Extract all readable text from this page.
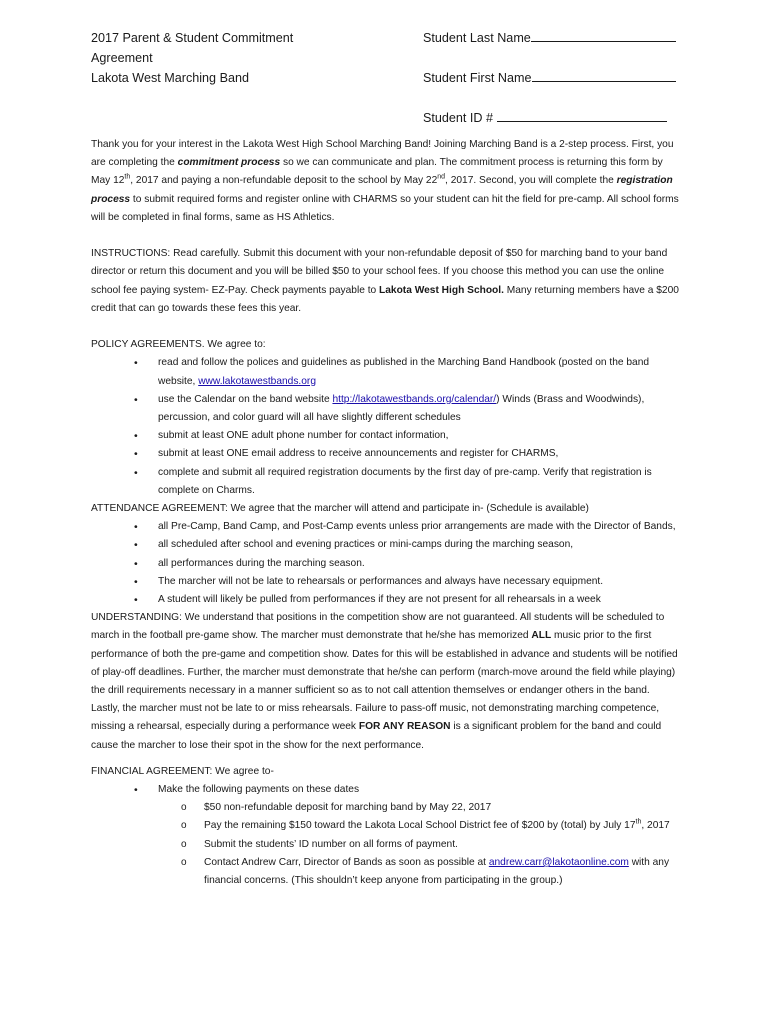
2017 Parent & Student Commitment
Agreement
Lakota West Marching Band
Student Last Name
Student First Name
Student ID #

Thank you for your interest in the Lakota West High School Marching Band! Joining Marching Band is a 2-step process. First, you are completing the commitment process so we can communicate and plan. The commitment process is returning this form by May 12th, 2017 and paying a non-refundable deposit to the school by May 22nd, 2017. Second, you will complete the registration process to submit required forms and register online with CHARMS so your student can hit the field for pre-camp. All school forms will be completed in final forms, same as HS Athletics.

INSTRUCTIONS: Read carefully. Submit this document with your non-refundable deposit of $50 for marching band to your band director or return this document and you will be billed $50 to your school fees. If you choose this method you can use the online school fee paying system- EZ-Pay. Check payments payable to Lakota West High School. Many returning members have a $200 credit that can go towards these fees this year.

POLICY AGREEMENTS. We agree to:

• read and follow the polices and guidelines as published in the Marching Band Handbook (posted on the band website, www.lakotawestbands.org
• use the Calendar on the band website http://lakotawestbands.org/calendar/) Winds (Brass and Woodwinds), percussion, and color guard will all have slightly different schedules
• submit at least ONE adult phone number for contact information,
• submit at least ONE email address to receive announcements and register for CHARMS,
• complete and submit all required registration documents by the first day of pre-camp. Verify that registration is complete on Charms.

ATTENDANCE AGREEMENT: We agree that the marcher will attend and participate in- (Schedule is available)

• all Pre-Camp, Band Camp, and Post-Camp events unless prior arrangements are made with the Director of Bands,
• all scheduled after school and evening practices or mini-camps during the marching season,
• all performances during the marching season.
• The marcher will not be late to rehearsals or performances and always have necessary equipment.
• A student will likely be pulled from performances if they are not present for all rehearsals in a week

UNDERSTANDING: We understand that positions in the competition show are not guaranteed. All students will be scheduled to march in the football pre-game show. The marcher must demonstrate that he/she has memorized ALL music prior to the first performance of both the pre-game and competition show. Dates for this will be established in advance and students will be notified of play-off deadlines. Further, the marcher must demonstrate that he/she can perform (march-move around the field while playing) the drill requirements necessary in a manner sufficient so as to not call attention themselves or endanger others in the band. Lastly, the marcher must not be late to or miss rehearsals. Failure to pass-off music, not demonstrating marching competence, missing a rehearsal, especially during a performance week FOR ANY REASON is a significant problem for the band and could cause the marcher to lose their spot in the show for the next performance.

FINANCIAL AGREEMENT: We agree to-

• Make the following payments on these dates
o $50 non-refundable deposit for marching band by May 22, 2017
o Pay the remaining $150 toward the Lakota Local School District fee of $200 by (total) by July 17th, 2017
o Submit the students’ ID number on all forms of payment.
o Contact Andrew Carr, Director of Bands as soon as possible at andrew.carr@lakotaonline.com with any financial concerns. (This shouldn’t keep anyone from participating in the group.)
